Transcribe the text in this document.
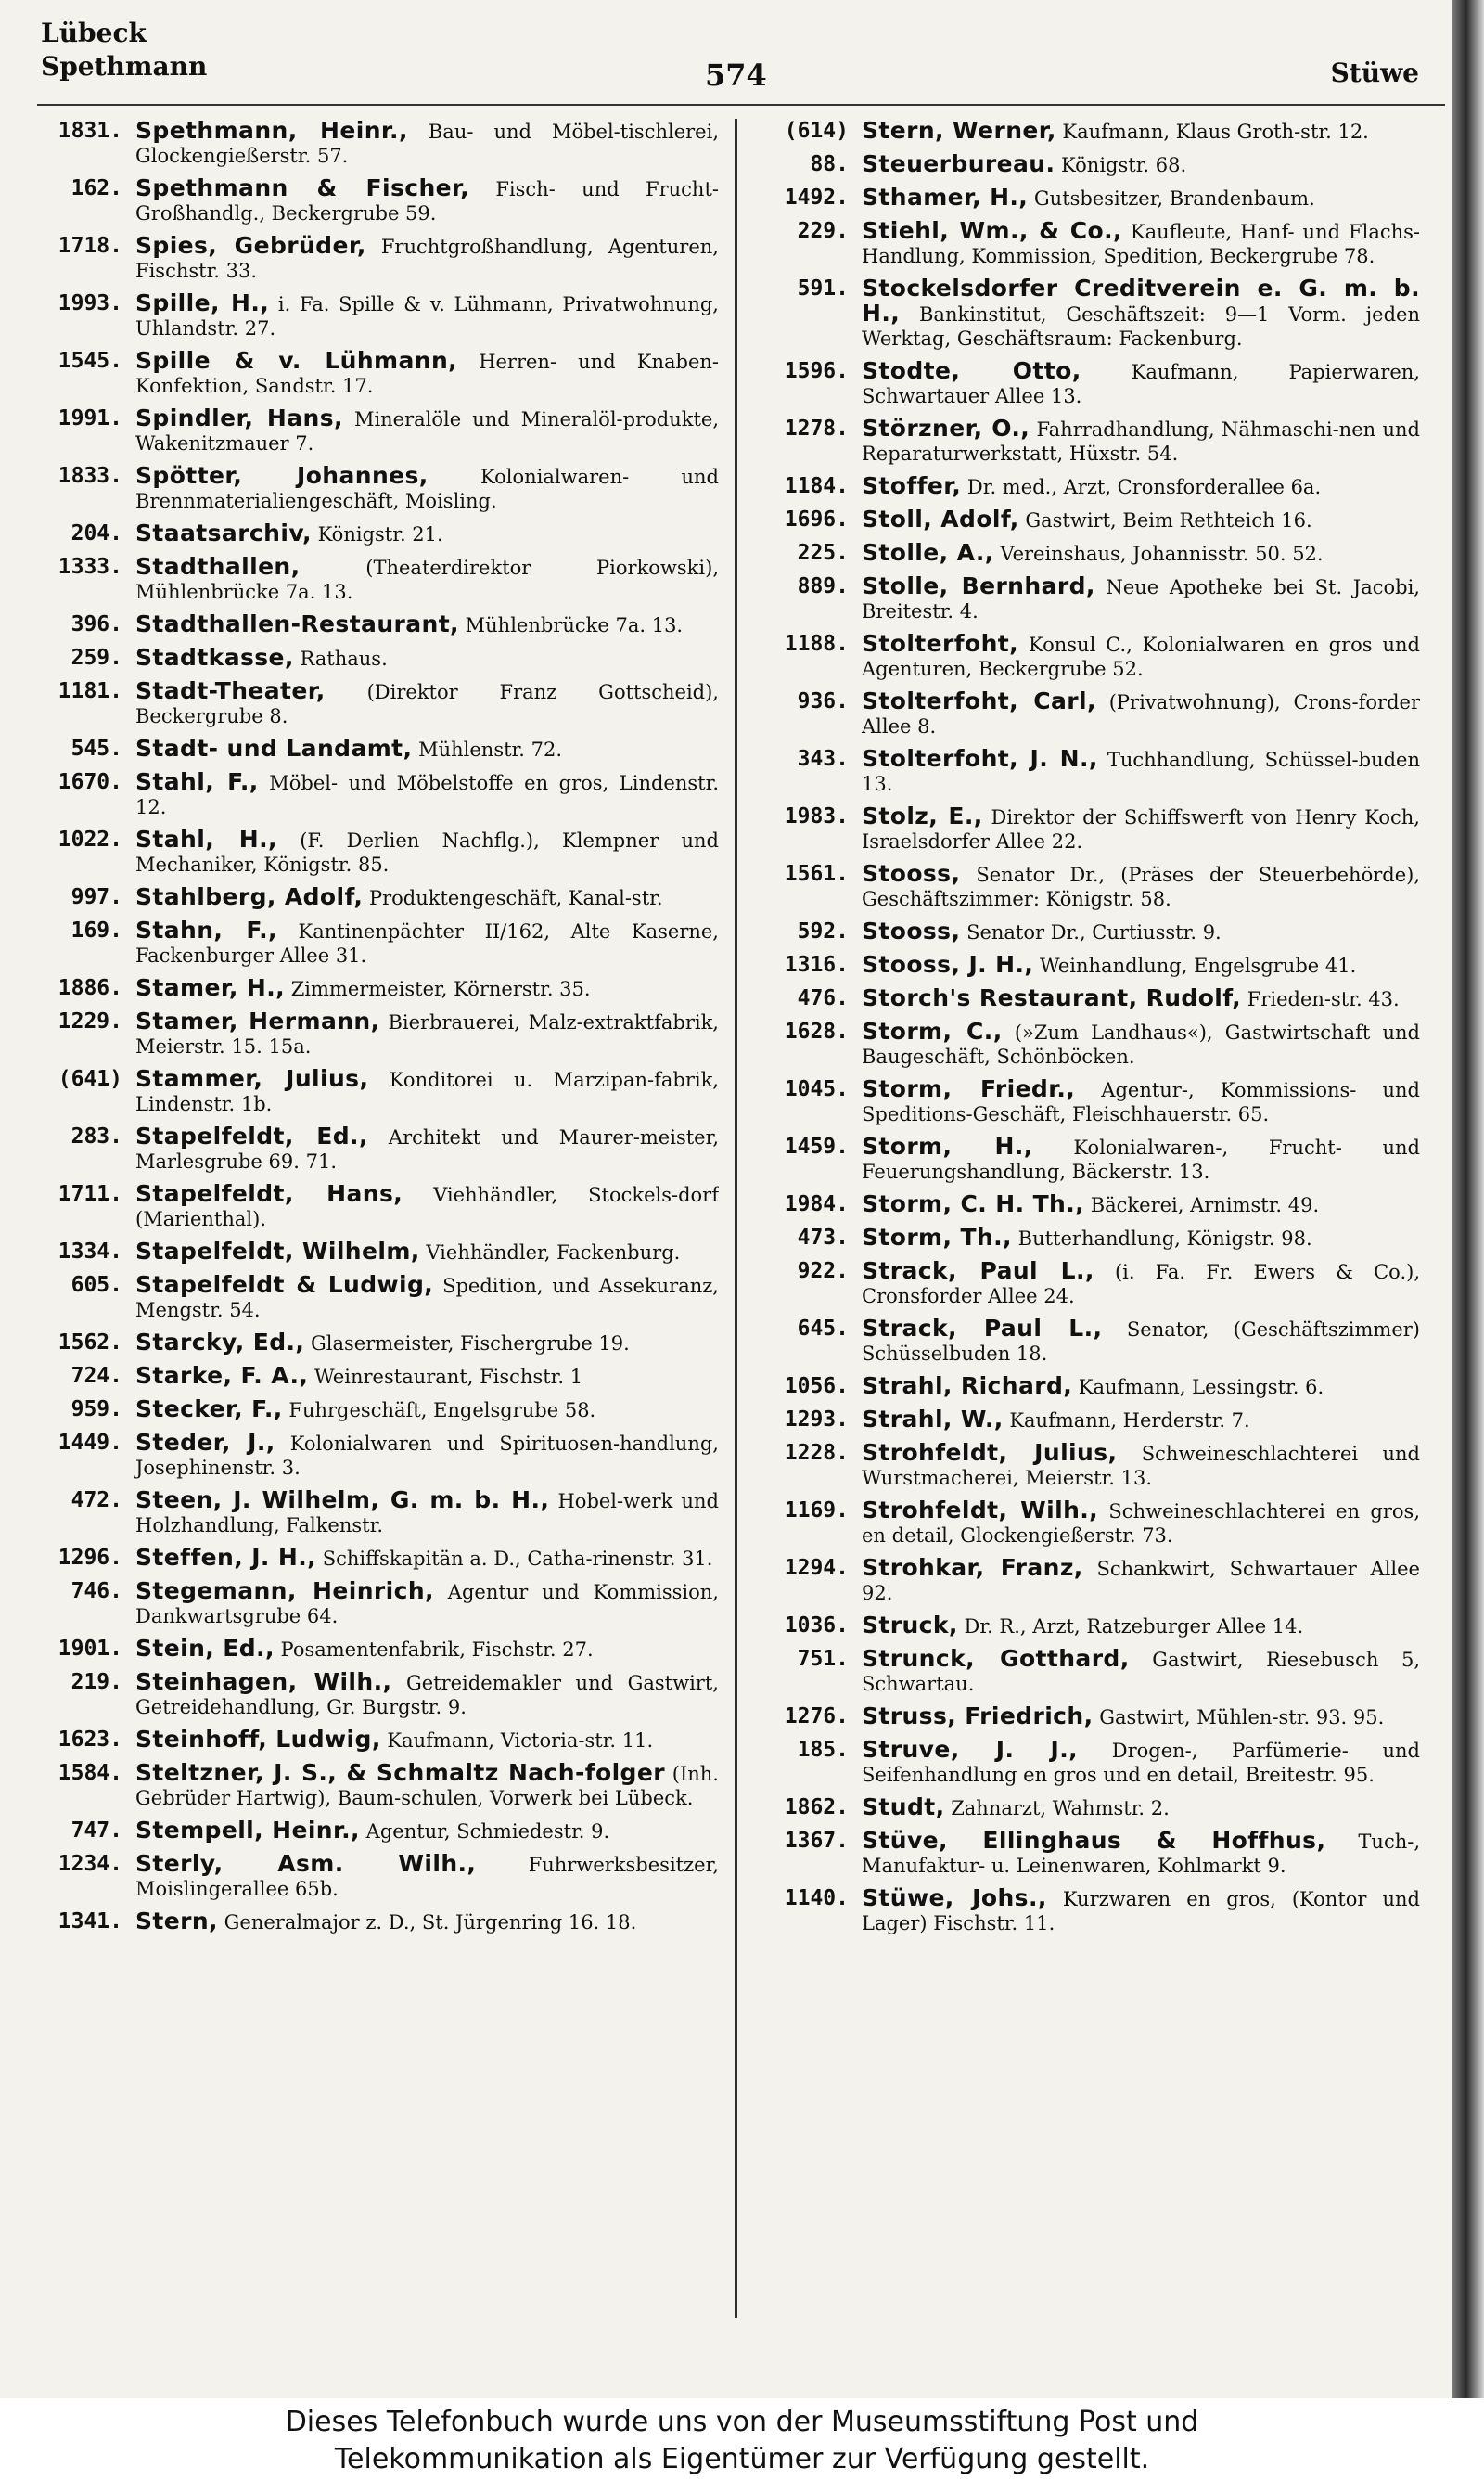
Lübeck
Spethmann	574	Stüwe
1831. Spethmann, Heinr., Bau- und Möbel-tischlerei, Glockengießerstr. 57.
162. Spethmann & Fischer, Fisch- und Frucht-Großhandlg., Beckergrube 59.
1718. Spies, Gebrüder, Fruchtgroßhandlung, Agenturen, Fischstr. 33.
1993. Spille, H., i. Fa. Spille & v. Lühmann, Privatwohnung, Uhlandstr. 27.
1545. Spille & v. Lühmann, Herren- und Knaben-Konfektion, Sandstr. 17.
1991. Spindler, Hans, Mineralöle und Mineralöl-produkte, Wakenitzmauer 7.
1833. Spötter, Johannes,	Kolonialwaren- und Brennmaterialiengeschäft, Moisling.
204. Staatsarchiv, Königstr. 21.
1333. Stadthallen,	(Theaterdirektor Piorkowski), Mühlenbrücke 7a. 13.
396. Stadthallen-Restaurant, Mühlenbrücke 7a. 13.
259. Stadtkasse, Rathaus.
1181. Stadt-Theater, (Direktor Franz Gottscheid), Beckergrube 8.
545. Stadt- und Landamt, Mühlenstr. 72.
1670. Stahl, F., Möbel- und Möbelstoffe en gros, Lindenstr. 12.
1022. Stahl, H., (F. Derlien Nachflg.), Klempner und Mechaniker, Königstr. 85.
997. Stahlberg, Adolf, Produktengeschäft, Kanal-str.
169. Stahn, F., Kantinenpächter II/162, Alte Kaserne, Fackenburger Allee 31.
1886. Stamer, H., Zimmermeister, Körnerstr. 35.
1229. Stamer, Hermann, Bierbrauerei, Malz-extraktfabrik, Meierstr. 15. 15a.
(641) Stammer, Julius, Konditorei u. Marzipan-fabrik, Lindenstr. 1b.
283. Stapelfeldt, Ed., Architekt und Maurer-meister, Marlesgrube 69. 71.
1711. Stapelfeldt, Hans, Viehhändler, Stockels-dorf (Marienthal).
1334. Stapelfeldt, Wilhelm, Viehhändler, Fackenburg.
605. Stapelfeldt & Ludwig, Spedition, und Assekuranz, Mengstr. 54.
1562. Starcky, Ed., Glasermeister, Fischergrube 19.
724. Starke, F. A., Weinrestaurant, Fischstr. 1
959. Stecker, F., Fuhrgeschäft, Engelsgrube 58.
1449. Steder, J., Kolonialwaren und Spirituosen-handlung, Josephinenstr. 3.
472. Steen, J. Wilhelm, G. m. b. H., Hobel-werk und Holzhandlung, Falkenstr.
1296. Steffen, J. H., Schiffskapitän a. D., Catha-rinenstr. 31.
746. Stegemann, Heinrich, Agentur und Kommission, Dankwartsgrube 64.
1901. Stein, Ed., Posamentenfabrik, Fischstr. 27.
219. Steinhagen, Wilh., Getreidemakler und Gastwirt, Getreidehandlung, Gr. Burgstr. 9.
1623. Steinhoff, Ludwig, Kaufmann, Victoria-str. 11.
1584. Steltzner, J. S., & Schmaltz Nach-folger (Inh. Gebrüder Hartwig), Baum-schulen, Vorwerk bei Lübeck.
747. Stempell, Heinr., Agentur, Schmiedestr. 9.
1234. Sterly, Asm. Wilh.,	Fuhrwerksbesitzer, Moislingerallee 65b.
1341. Stern, Generalmajor z. D., St. Jürgenring 16. 18.
(614) Stern, Werner, Kaufmann, Klaus Groth-str. 12.
88. Steuerbureau. Königstr. 68.
1492. Sthamer, H., Gutsbesitzer, Brandenbaum.
229. Stiehl, Wm., & Co., Kaufleute, Hanf- und Flachs-Handlung, Kommission, Spedition, Beckergrube 78.
591. Stockelsdorfer Creditverein e. G. m. b. H., Bankinstitut, Geschäftszeit: 9—1 Vorm. jeden Werktag, Geschäftsraum: Fackenburg.
1596. Stodte, Otto,	Kaufmann, Papierwaren, Schwartauer Allee 13.
1278. Störzner, O., Fahrradhandlung, Nähmaschi-nen und Reparaturwerkstatt, Hüxstr. 54.
1184. Stoffer, Dr. med., Arzt, Cronsforderallee 6a.
1696. Stoll, Adolf, Gastwirt, Beim Rethteich 16.
225. Stolle, A., Vereinshaus, Johannisstr. 50. 52.
889. Stolle, Bernhard, Neue Apotheke bei St. Jacobi, Breitestr. 4.
1188. Stolterfoht, Konsul C., Kolonialwaren en gros und Agenturen, Beckergrube 52.
936. Stolterfoht, Carl, (Privatwohnung), Crons-forder Allee 8.
343. Stolterfoht, J. N., Tuchhandlung, Schüssel-buden 13.
1983. Stolz, E., Direktor der Schiffswerft von Henry Koch, Israelsdorfer Allee 22.
1561. Stooss, Senator Dr., (Präses der Steuerbehörde), Geschäftszimmer: Königstr. 58.
592. Stooss, Senator Dr., Curtiusstr. 9.
1316. Stooss, J. H., Weinhandlung, Engelsgrube 41.
476. Storch's Restaurant, Rudolf, Frieden-str. 43.
1628. Storm, C., (»Zum Landhaus«), Gastwirtschaft und Baugeschäft, Schönböcken.
1045. Storm, Friedr., Agentur-, Kommissions- und Speditions-Geschäft, Fleischhauerstr. 65.
1459. Storm, H., Kolonialwaren-, Frucht- und Feuerungshandlung, Bäckerstr. 13.
1984. Storm, C. H. Th., Bäckerei, Arnimstr. 49.
473. Storm, Th., Butterhandlung, Königstr. 98.
922. Strack, Paul L., (i. Fa. Fr. Ewers & Co.), Cronsforder Allee 24.
645. Strack, Paul L., Senator, (Geschäftszimmer) Schüsselbuden 18.
1056. Strahl, Richard, Kaufmann, Lessingstr. 6.
1293. Strahl, W., Kaufmann, Herderstr. 7.
1228. Strohfeldt, Julius, Schweineschlachterei und Wurstmacherei, Meierstr. 13.
1169. Strohfeldt, Wilh., Schweineschlachterei en gros, en detail, Glockengießerstr. 73.
1294. Strohkar, Franz, Schankwirt, Schwartauer Allee 92.
1036. Struck, Dr. R., Arzt, Ratzeburger Allee 14.
751. Strunck, Gotthard, Gastwirt, Riesebusch 5, Schwartau.
1276. Struss, Friedrich, Gastwirt, Mühlen-str. 93. 95.
185. Struve, J. J., Drogen-, Parfümerie- und Seifenhandlung en gros und en detail, Breitestr. 95.
1862. Studt, Zahnarzt, Wahmstr. 2.
1367. Stüve, Ellinghaus & Hoffhus, Tuch-, Manufaktur- u. Leinenwaren, Kohlmarkt 9.
1140. Stüwe, Johs., Kurzwaren en gros, (Kontor und Lager) Fischstr. 11.
Dieses Telefonbuch wurde uns von der Museumsstiftung Post und
Telekommunikation als Eigentümer zur Verfügung gestellt.
